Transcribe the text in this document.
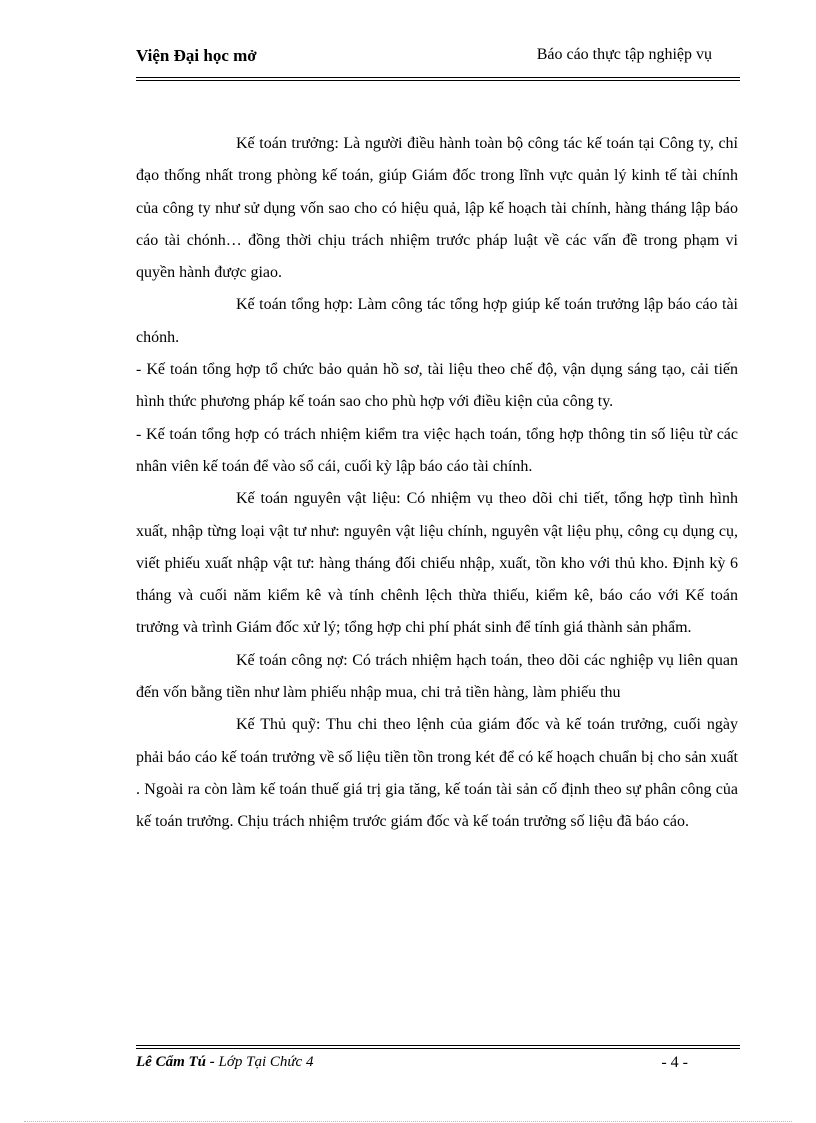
Viện Đại học mở	Báo cáo thực tập nghiệp vụ

Kế toán trưởng: Là người điều hành toàn bộ công tác kế toán tại Công ty, chỉ đạo thống nhất trong phòng kế toán, giúp Giám đốc trong lĩnh vực quản lý kinh tế tài chính của công ty như sử dụng vốn sao cho có hiệu quả, lập kế hoạch tài chính, hàng tháng lập báo cáo tài chónh… đồng thời chịu trách nhiệm trước pháp luật về các vấn đề trong phạm vi quyền hành được giao.

Kế toán tổng hợp: Làm công tác tổng hợp giúp kế toán trưởng lập báo cáo tài chónh.

- Kế toán tổng hợp tổ chức bảo quản hồ sơ, tài liệu theo chế độ, vận dụng sáng tạo, cải tiến hình thức phương pháp kế toán sao cho phù hợp với điều kiện của công ty.

- Kế toán tổng hợp có trách nhiệm kiểm tra việc hạch toán, tổng hợp thông tin số liệu từ các nhân viên kế toán để vào sổ cái, cuối kỳ lập báo cáo tài chính.

Kế toán nguyên vật liệu: Có nhiệm vụ theo dõi chi tiết, tổng hợp tình hình xuất, nhập từng loại vật tư như: nguyên vật liệu chính, nguyên vật liệu phụ, công cụ dụng cụ, viết phiếu xuất nhập vật tư: hàng tháng đối chiếu nhập, xuất, tồn kho với thủ kho. Định kỳ 6 tháng và cuối năm kiểm kê và tính chênh lệch thừa thiếu, kiểm kê, báo cáo với Kế toán trưởng và trình Giám đốc xử lý; tổng hợp chi phí phát sinh để tính giá thành sản phẩm.

Kế toán công nợ: Có trách nhiệm hạch toán, theo dõi các nghiệp vụ liên quan đến vốn bằng tiền như làm phiếu nhập mua, chi trả tiền hàng, làm phiếu thu

Kế Thủ quỹ: Thu chi theo lệnh của giám đốc và kế toán trưởng, cuối ngày phải báo cáo kế toán trưởng về số liệu tiền tồn trong két để có kế hoạch chuẩn bị cho sản xuất . Ngoài ra còn làm kế toán thuế giá trị gia tăng, kế toán tài sản cố định theo sự phân công của kế toán trưởng. Chịu trách nhiệm trước giám đốc và kế toán trưởng số liệu đã báo cáo.

Lê Cẩm Tú - Lớp Tại Chức 4	- 4 -
